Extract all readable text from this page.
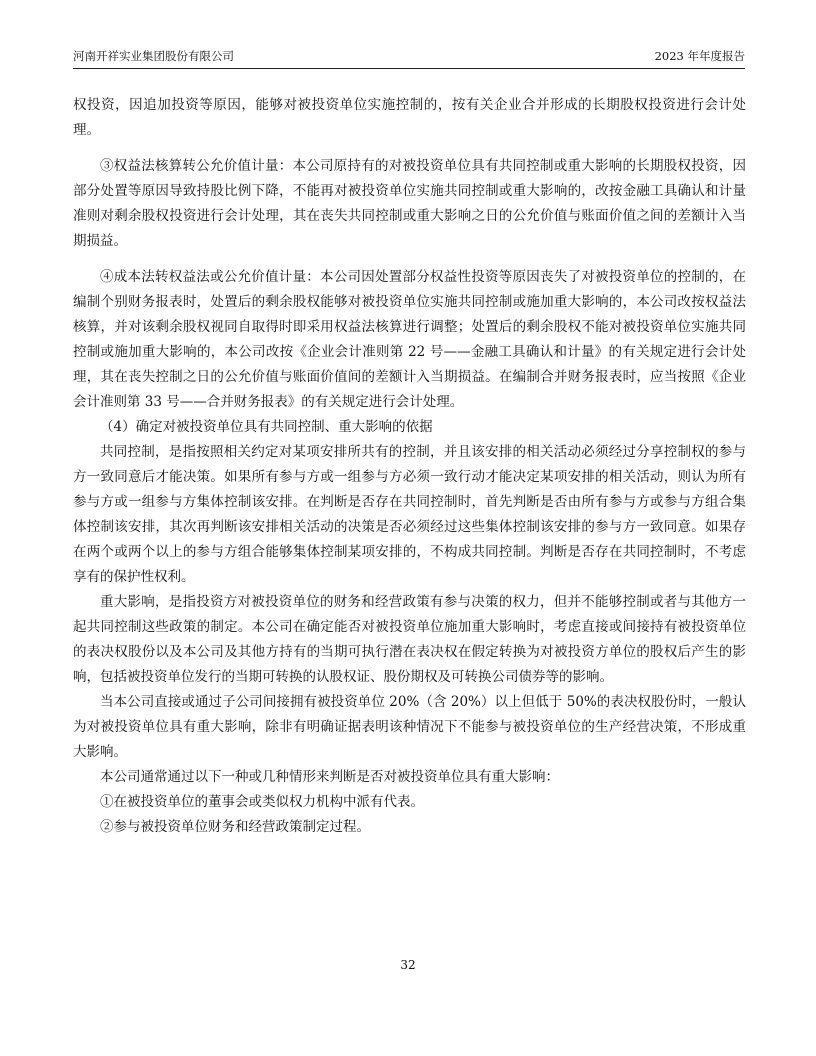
河南开祥实业集团股份有限公司	2023 年年度报告

权投资，因追加投资等原因，能够对被投资单位实施控制的，按有关企业合并形成的长期股权投资进行会计处理。

③权益法核算转公允价值计量：本公司原持有的对被投资单位具有共同控制或重大影响的长期股权投资，因部分处置等原因导致持股比例下降，不能再对被投资单位实施共同控制或重大影响的，改按金融工具确认和计量准则对剩余股权投资进行会计处理，其在丧失共同控制或重大影响之日的公允价值与账面价值之间的差额计入当期损益。

④成本法转权益法或公允价值计量：本公司因处置部分权益性投资等原因丧失了对被投资单位的控制的，在编制个别财务报表时，处置后的剩余股权能够对被投资单位实施共同控制或施加重大影响的，本公司改按权益法核算，并对该剩余股权视同自取得时即采用权益法核算进行调整；处置后的剩余股权不能对被投资单位实施共同控制或施加重大影响的，本公司改按《企业会计准则第 22 号——金融工具确认和计量》的有关规定进行会计处理，其在丧失控制之日的公允价值与账面价值间的差额计入当期损益。在编制合并财务报表时，应当按照《企业会计准则第 33 号——合并财务报表》的有关规定进行会计处理。

（4）确定对被投资单位具有共同控制、重大影响的依据

共同控制，是指按照相关约定对某项安排所共有的控制，并且该安排的相关活动必须经过分享控制权的参与方一致同意后才能决策。如果所有参与方或一组参与方必须一致行动才能决定某项安排的相关活动，则认为所有参与方或一组参与方集体控制该安排。在判断是否存在共同控制时，首先判断是否由所有参与方或参与方组合集体控制该安排，其次再判断该安排相关活动的决策是否必须经过这些集体控制该安排的参与方一致同意。如果存在两个或两个以上的参与方组合能够集体控制某项安排的，不构成共同控制。判断是否存在共同控制时，不考虑享有的保护性权利。

重大影响，是指投资方对被投资单位的财务和经营政策有参与决策的权力，但并不能够控制或者与其他方一起共同控制这些政策的制定。本公司在确定能否对被投资单位施加重大影响时，考虑直接或间接持有被投资单位的表决权股份以及本公司及其他方持有的当期可执行潜在表决权在假定转换为对被投资方单位的股权后产生的影响，包括被投资单位发行的当期可转换的认股权证、股份期权及可转换公司债券等的影响。

当本公司直接或通过子公司间接拥有被投资单位 20%（含 20%）以上但低于 50%的表决权股份时，一般认为对被投资单位具有重大影响，除非有明确证据表明该种情况下不能参与被投资单位的生产经营决策，不形成重大影响。

本公司通常通过以下一种或几种情形来判断是否对被投资单位具有重大影响：

①在被投资单位的董事会或类似权力机构中派有代表。

②参与被投资单位财务和经营政策制定过程。

32
